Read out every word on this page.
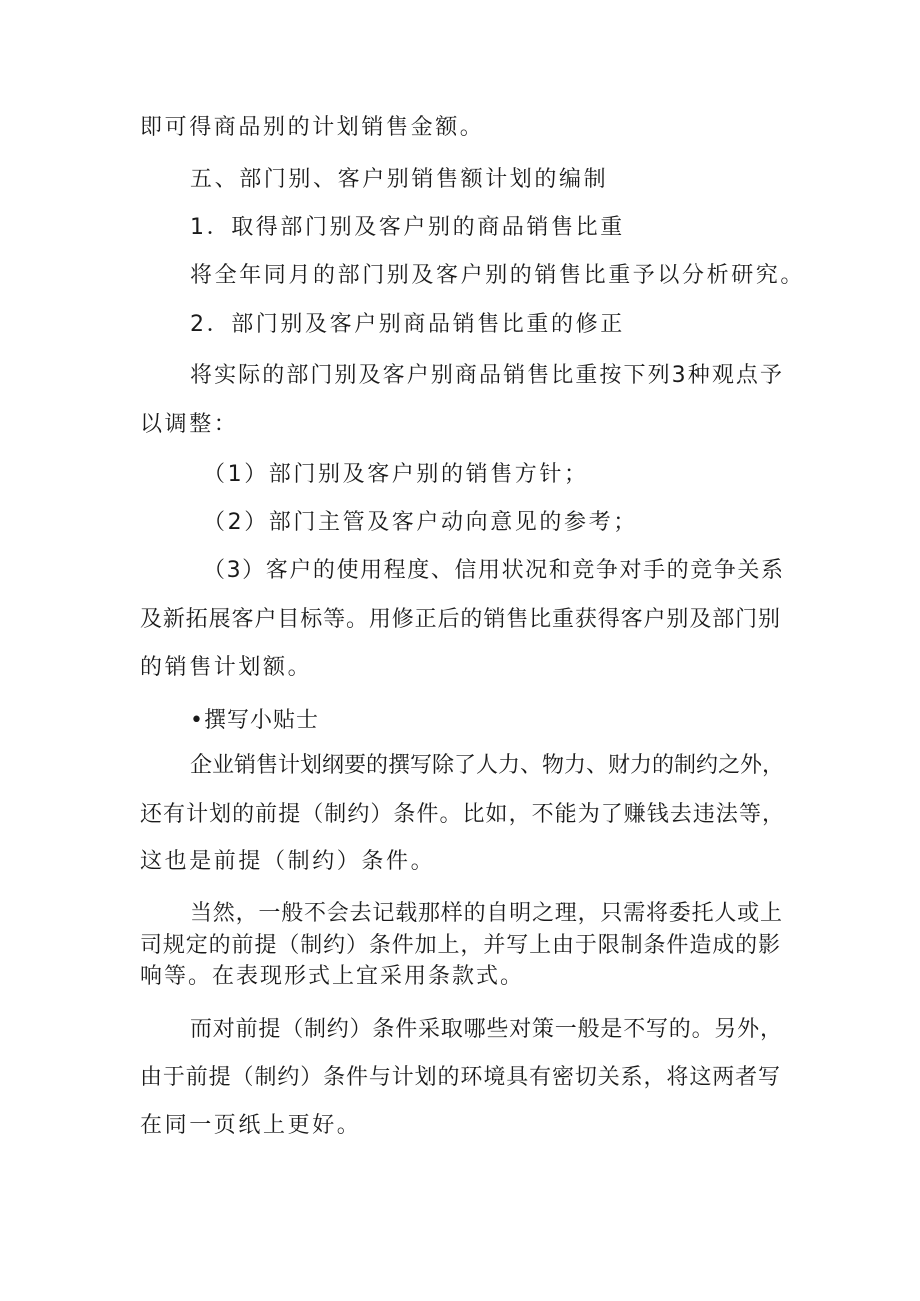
即可得商品别的计划销售金额。
五、部门别、客户别销售额计划的编制
1．取得部门别及客户别的商品销售比重
将全年同月的部门别及客户别的销售比重予以分析研究。
2．部门别及客户别商品销售比重的修正
将实际的部门别及客户别商品销售比重按下列3种观点予
以调整：
（1）部门别及客户别的销售方针；
（2）部门主管及客户动向意见的参考；
（3）客户的使用程度、信用状况和竞争对手的竞争关系
及新拓展客户目标等。用修正后的销售比重获得客户别及部门别
的销售计划额。
•撰写小贴士
企业销售计划纲要的撰写除了人力、物力、财力的制约之外，
还有计划的前提（制约）条件。比如，不能为了赚钱去违法等，
这也是前提（制约）条件。
当然，一般不会去记载那样的自明之理，只需将委托人或上
司规定的前提（制约）条件加上，并写上由于限制条件造成的影
响等。在表现形式上宜采用条款式。
而对前提（制约）条件采取哪些对策一般是不写的。另外，
由于前提（制约）条件与计划的环境具有密切关系，将这两者写
在同一页纸上更好。
